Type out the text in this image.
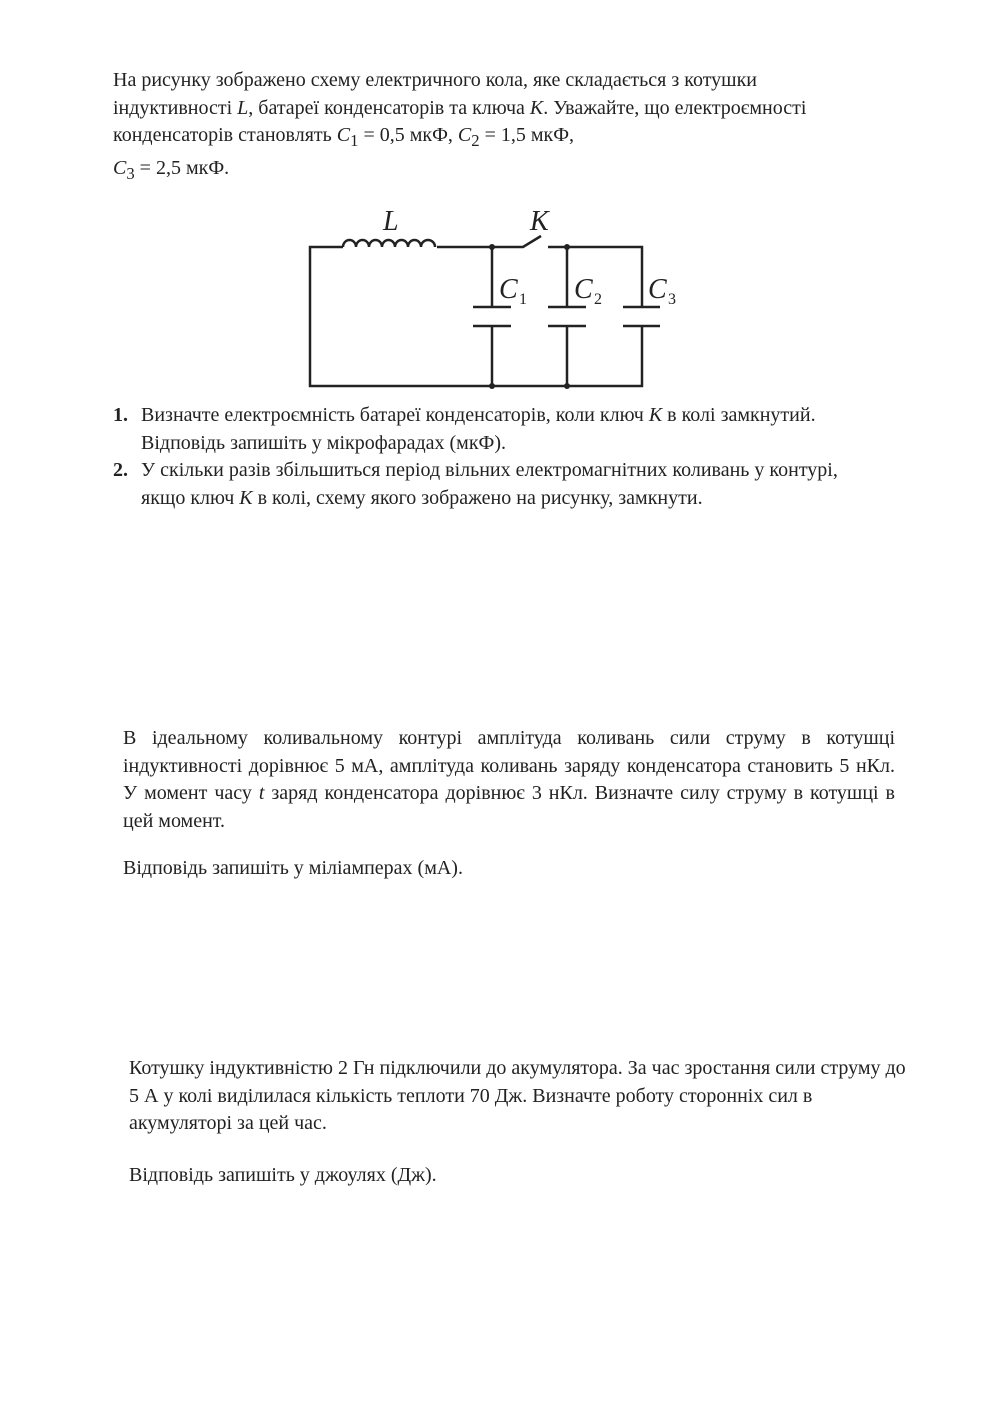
На рисунку зображено схему електричного кола, яке складається з котушки індуктивності L, батареї конденсаторів та ключа K. Уважайте, що електроємності конденсаторів становлять $C_1 = 0,5$ мкФ, $C_2 = 1,5$ мкФ,
$C_3 = 2,5$ мкФ.
L	K
C 1 C 2 C 3
1. Визначте електроємність батареї конденсаторів, коли ключ K в колі замкнутий.
Відповідь запишіть у мікрофарадах (мкФ).
2. У скільки разів збільшиться період вільних електромагнітних коливань у контурі, якщо ключ K в колі, схему якого зображено на рисунку, замкнути.
В ідеальному коливальному контурі амплітуда коливань сили струму в котушці індуктивності дорівнює 5 мА, амплітуда коливань заряду конденсатора становить 5 нКл. У момент часу t заряд конденсатора дорівнює 3 нКл. Визначте силу струму в котушці в цей момент.
Відповідь запишіть у міліамперах (мА).
Котушку індуктивністю 2 Гн підключили до акумулятора. За час зростання сили струму до 5 А у колі виділилася кількість теплоти 70 Дж. Визначте роботу сторонніх сил в акумуляторі за цей час.
Відповідь запишіть у джоулях (Дж).
